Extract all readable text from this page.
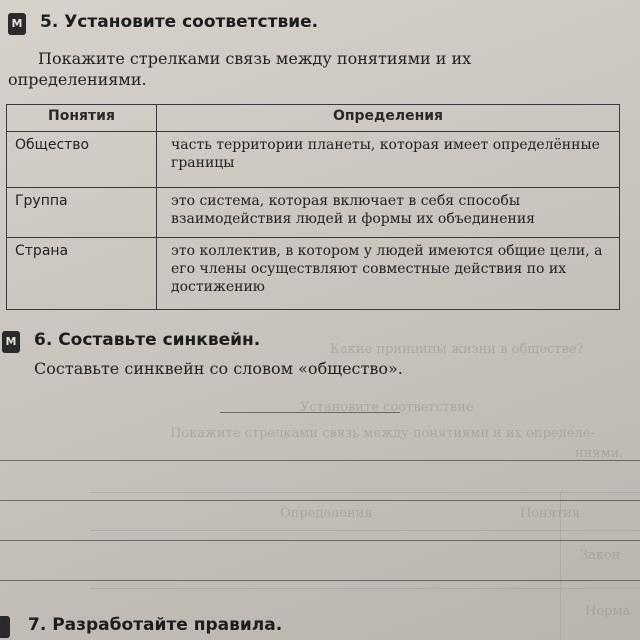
Какие принципы жизни в обществе?
Установите соответствие
Покажите стрелками связь между понятиями и их определе-
ниями.
Понятия
Определения
Закон
Норма
М 5. Установите соответствие.
Покажите стрелками связь между понятиями и их определениями.
Понятия	Определения
Общество	часть территории планеты, которая имеет определённые границы
Группа	это система, которая включает в себя способы взаимодействия людей и формы их объединения
Страна	это коллектив, в котором у людей имеются общие цели, а его члены осуществляют совместные действия по их достижению
М 6. Составьте синквейн.
Составьте синквейн со словом «общество».
7. Разработайте правила.
